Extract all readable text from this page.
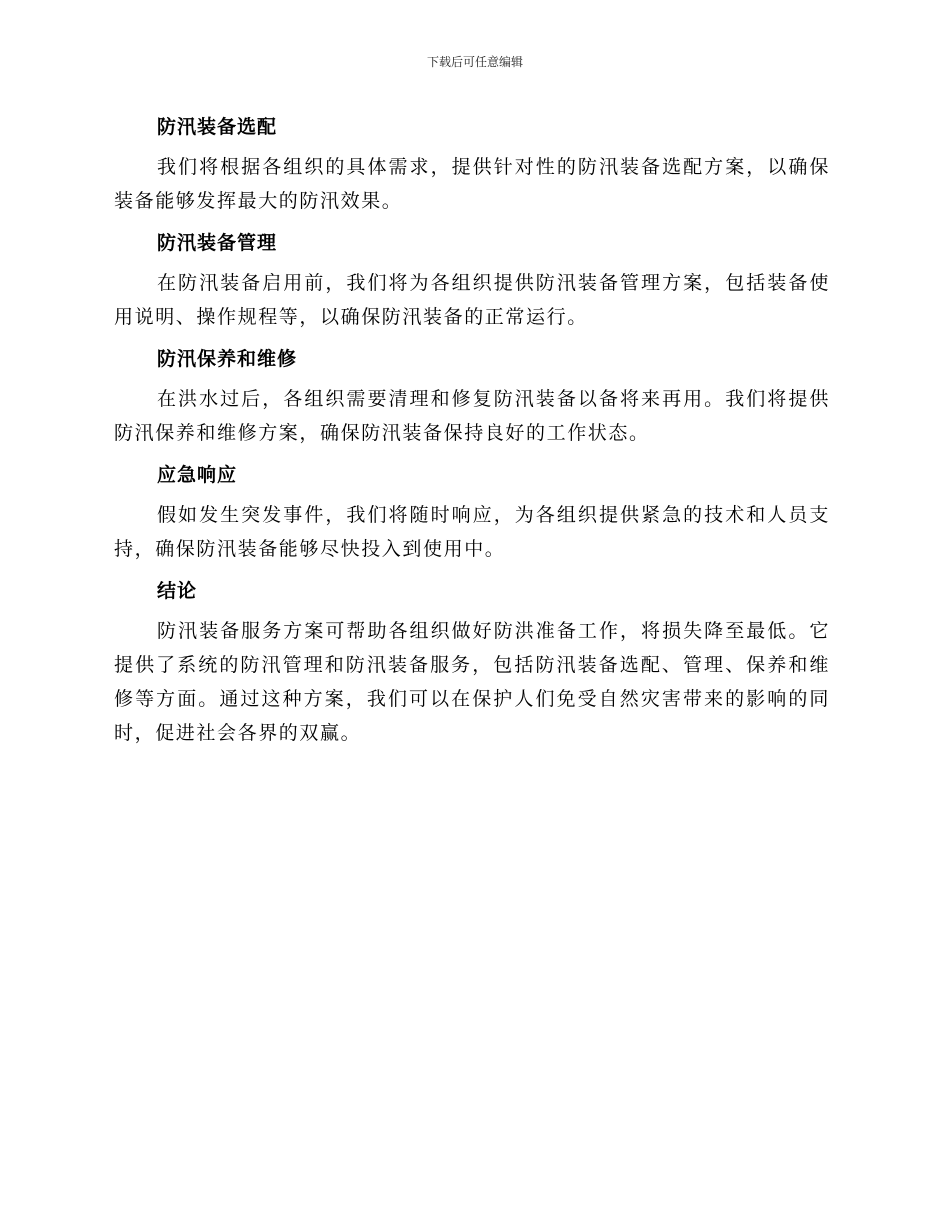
下载后可任意编辑
防汛装备选配

我们将根据各组织的具体需求，提供针对性的防汛装备选配方案，以确保装备能够发挥最大的防汛效果。

防汛装备管理

在防汛装备启用前，我们将为各组织提供防汛装备管理方案，包括装备使用说明、操作规程等，以确保防汛装备的正常运行。

防汛保养和维修

在洪水过后，各组织需要清理和修复防汛装备以备将来再用。我们将提供防汛保养和维修方案，确保防汛装备保持良好的工作状态。

应急响应

假如发生突发事件，我们将随时响应，为各组织提供紧急的技术和人员支持，确保防汛装备能够尽快投入到使用中。

结论

防汛装备服务方案可帮助各组织做好防洪准备工作，将损失降至最低。它提供了系统的防汛管理和防汛装备服务，包括防汛装备选配、管理、保养和维修等方面。通过这种方案，我们可以在保护人们免受自然灾害带来的影响的同时，促进社会各界的双赢。
